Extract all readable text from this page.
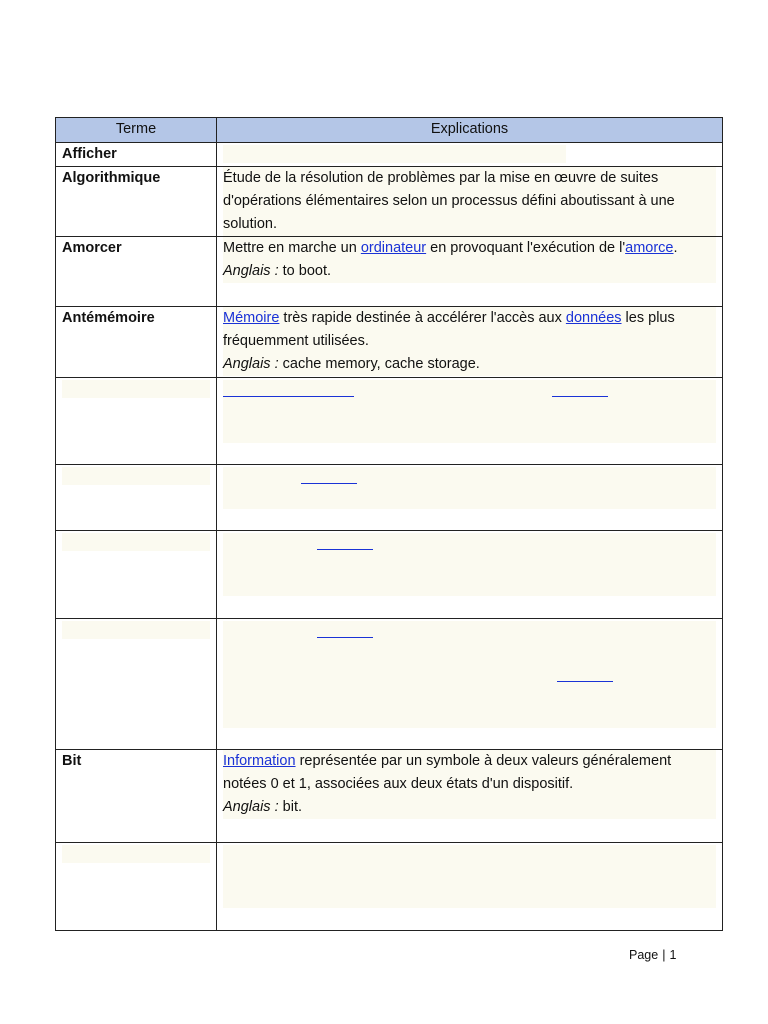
Terme	Explications
Afficher	

Algorithmique	Étude de la résolution de problèmes par la mise en œuvre de suites d'opérations élémentaires selon un processus défini aboutissant à une solution.

Amorcer	Mettre en marche un ordinateur en provoquant l'exécution de l'amorce.
Anglais : to boot.

Antémémoire	Mémoire très rapide destinée à accélérer l'accès aux données les plus fréquemment utilisées.
Anglais : cache memory, cache storage.

Bit	Information représentée par un symbole à deux valeurs généralement notées 0 et 1, associées aux deux états d'un dispositif.
Anglais : bit.

Page | 1
